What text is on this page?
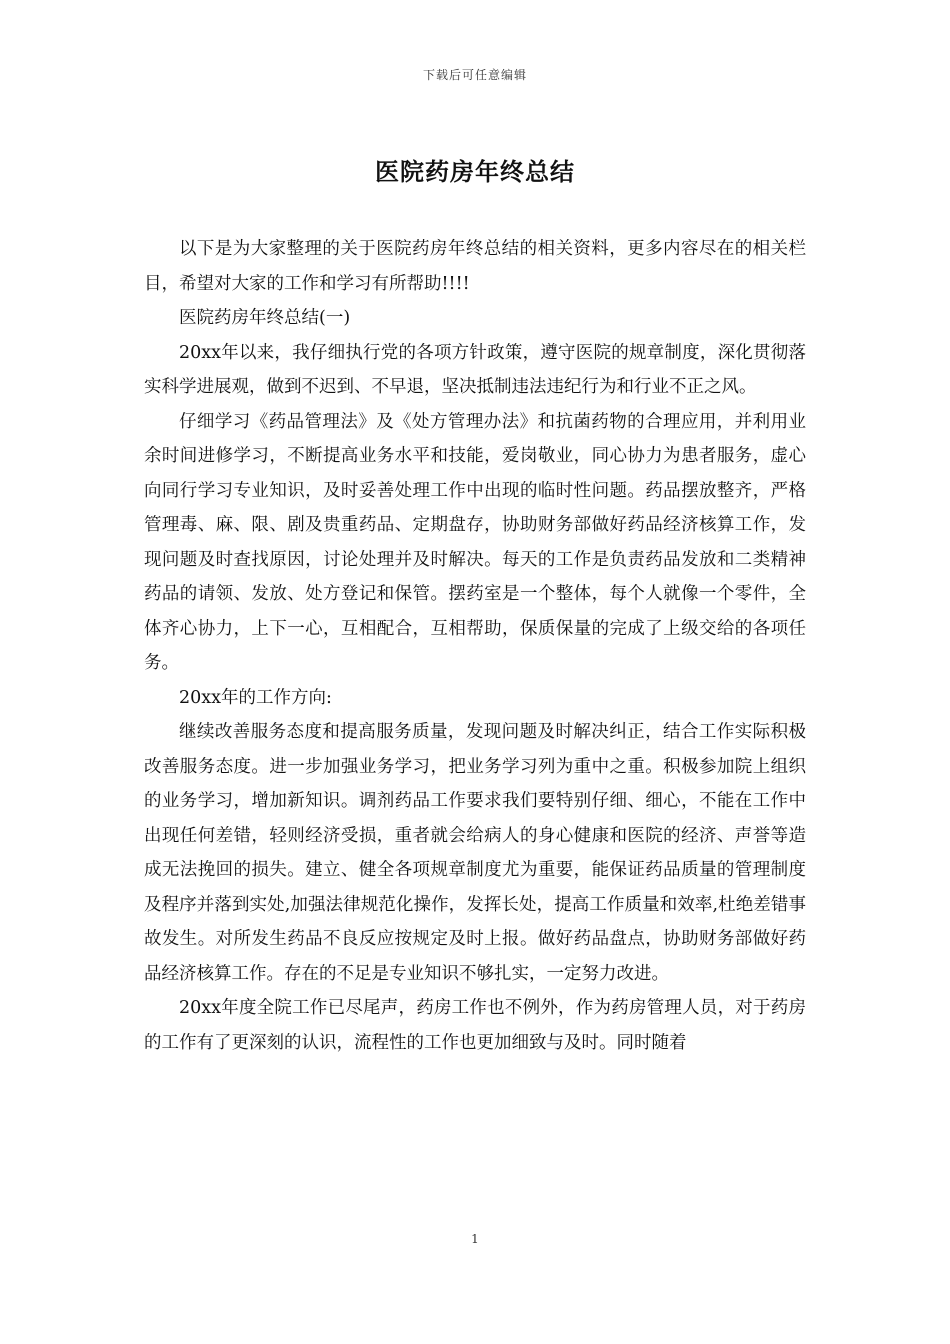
下载后可任意编辑
医院药房年终总结

以下是为大家整理的关于医院药房年终总结的相关资料，更多内容尽在的相关栏目，希望对大家的工作和学习有所帮助!!!!

医院药房年终总结(一)

20xx年以来，我仔细执行党的各项方针政策，遵守医院的规章制度，深化贯彻落实科学进展观，做到不迟到、不早退，坚决抵制违法违纪行为和行业不正之风。

仔细学习《药品管理法》及《处方管理办法》和抗菌药物的合理应用，并利用业余时间进修学习，不断提高业务水平和技能，爱岗敬业，同心协力为患者服务，虚心向同行学习专业知识，及时妥善处理工作中出现的临时性问题。药品摆放整齐，严格管理毒、麻、限、剧及贵重药品、定期盘存，协助财务部做好药品经济核算工作，发现问题及时查找原因，讨论处理并及时解决。每天的工作是负责药品发放和二类精神药品的请领、发放、处方登记和保管。摆药室是一个整体，每个人就像一个零件，全体齐心协力，上下一心，互相配合，互相帮助，保质保量的完成了上级交给的各项任务。

20xx年的工作方向:

继续改善服务态度和提高服务质量，发现问题及时解决纠正，结合工作实际积极改善服务态度。进一步加强业务学习，把业务学习列为重中之重。积极参加院上组织的业务学习，增加新知识。调剂药品工作要求我们要特别仔细、细心，不能在工作中出现任何差错，轻则经济受损，重者就会给病人的身心健康和医院的经济、声誉等造成无法挽回的损失。建立、健全各项规章制度尤为重要，能保证药品质量的管理制度及程序并落到实处,加强法律规范化操作，发挥长处，提高工作质量和效率,杜绝差错事故发生。对所发生药品不良反应按规定及时上报。做好药品盘点，协助财务部做好药品经济核算工作。存在的不足是专业知识不够扎实，一定努力改进。

20xx年度全院工作已尽尾声，药房工作也不例外，作为药房管理人员，对于药房的工作有了更深刻的认识，流程性的工作也更加细致与及时。同时随着

1
